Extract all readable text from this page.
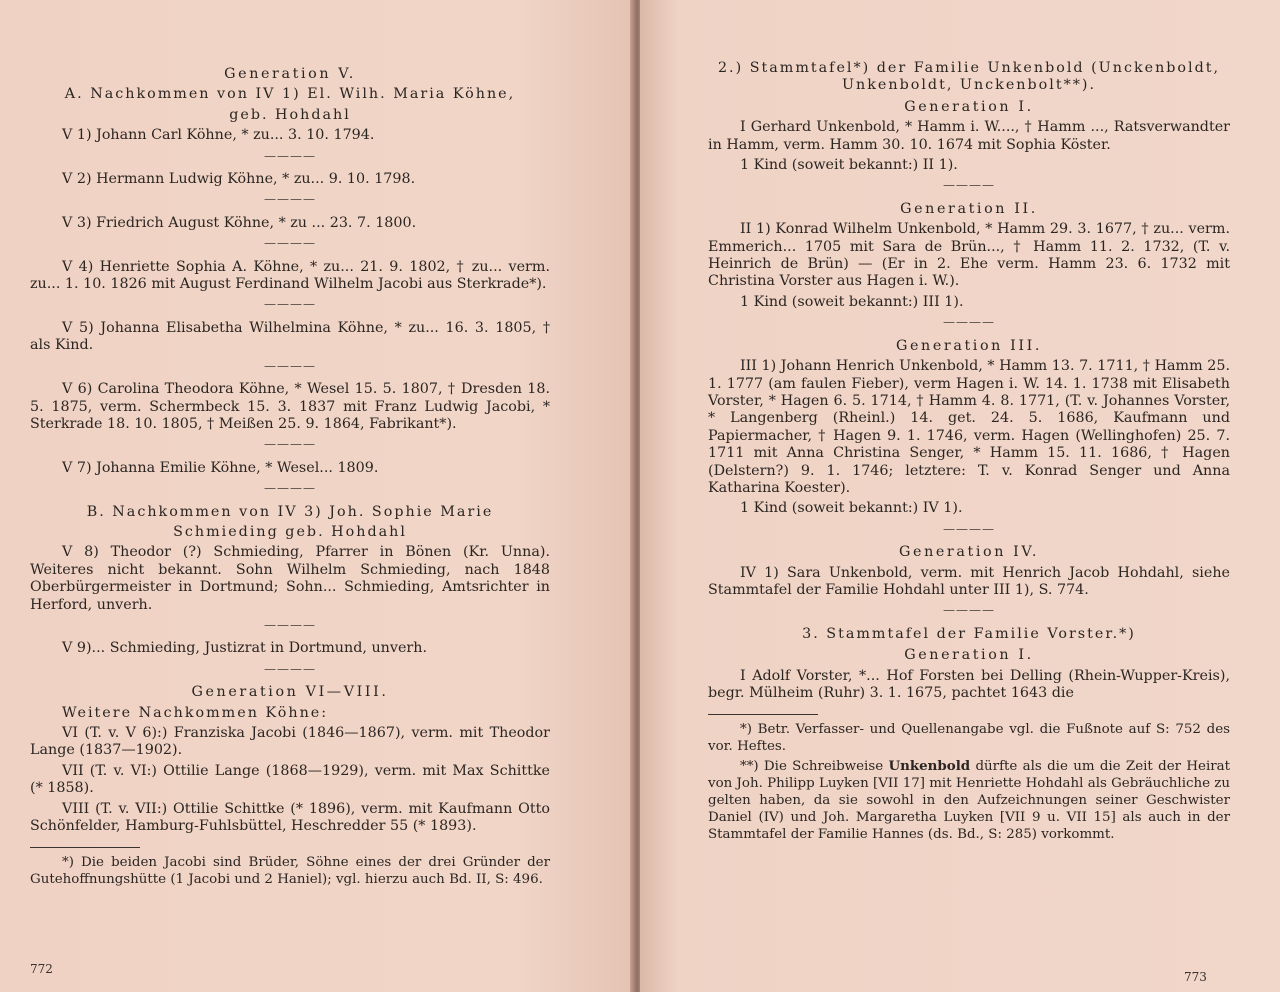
Generation V.
A. Nachkommen von IV 1) El. Wilh. Maria Köhne,
geb. Hohdahl
V 1) Johann Carl Köhne, * zu... 3. 10. 1794.
————
V 2) Hermann Ludwig Köhne, * zu... 9. 10. 1798.
————
V 3) Friedrich August Köhne, * zu ... 23. 7. 1800.
————
V 4) Henriette Sophia A. Köhne, * zu... 21. 9. 1802, † zu... verm. zu... 1. 10. 1826 mit August Ferdinand Wilhelm Jacobi aus Sterkrade*).
————
V 5) Johanna Elisabetha Wilhelmina Köhne, * zu... 16. 3. 1805, † als Kind.
————
V 6) Carolina Theodora Köhne, * Wesel 15. 5. 1807, † Dresden 18. 5. 1875, verm. Schermbeck 15. 3. 1837 mit Franz Ludwig Jacobi, * Sterkrade 18. 10. 1805, † Meißen 25. 9. 1864, Fabrikant*).
————
V 7) Johanna Emilie Köhne, * Wesel... 1809.
————
B. Nachkommen von IV 3) Joh. Sophie Marie
Schmieding geb. Hohdahl
V 8) Theodor (?) Schmieding, Pfarrer in Bönen (Kr. Unna). Weiteres nicht bekannt. Sohn Wilhelm Schmieding, nach 1848 Oberbürgermeister in Dortmund; Sohn... Schmieding, Amtsrichter in Herford, unverh.
————
V 9)... Schmieding, Justizrat in Dortmund, unverh.
————
Generation VI—VIII.
Weitere Nachkommen Köhne:
VI (T. v. V 6):) Franziska Jacobi (1846—1867), verm. mit Theodor Lange (1837—1902).
VII (T. v. VI:) Ottilie Lange (1868—1929), verm. mit Max Schittke (* 1858).
VIII (T. v. VII:) Ottilie Schittke (* 1896), verm. mit Kaufmann Otto Schönfelder, Hamburg-Fuhlsbüttel, Heschredder 55 (* 1893).
*) Die beiden Jacobi sind Brüder, Söhne eines der drei Gründer der Gutehoffnungshütte (1 Jacobi und 2 Haniel); vgl. hierzu auch Bd. II, S: 496.
772
2.) Stammtafel*) der Familie Unkenbold (Unckenboldt, Unkenboldt, Unckenbolt**).
Generation I.
I Gerhard Unkenbold, * Hamm i. W...., † Hamm ..., Ratsverwandter in Hamm, verm. Hamm 30. 10. 1674 mit Sophia Köster.
1 Kind (soweit bekannt:) II 1).
————
Generation II.
II 1) Konrad Wilhelm Unkenbold, * Hamm 29. 3. 1677, † zu... verm. Emmerich... 1705 mit Sara de Brün..., † Hamm 11. 2. 1732, (T. v. Heinrich de Brün) — (Er in 2. Ehe verm. Hamm 23. 6. 1732 mit Christina Vorster aus Hagen i. W.).
1 Kind (soweit bekannt:) III 1).
————
Generation III.
III 1) Johann Henrich Unkenbold, * Hamm 13. 7. 1711, † Hamm 25. 1. 1777 (am faulen Fieber), verm Hagen i. W. 14. 1. 1738 mit Elisabeth Vorster, * Hagen 6. 5. 1714, † Hamm 4. 8. 1771, (T. v. Johannes Vorster, * Langenberg (Rheinl.) 14. get. 24. 5. 1686, Kaufmann und Papiermacher, † Hagen 9. 1. 1746, verm. Hagen (Wellinghofen) 25. 7. 1711 mit Anna Christina Senger, * Hamm 15. 11. 1686, † Hagen (Delstern?) 9. 1. 1746; letztere: T. v. Konrad Senger und Anna Katharina Koester).
1 Kind (soweit bekannt:) IV 1).
————
Generation IV.
IV 1) Sara Unkenbold, verm. mit Henrich Jacob Hohdahl, siehe Stammtafel der Familie Hohdahl unter III 1), S. 774.
————
3. Stammtafel der Familie Vorster.*)
Generation I.
I Adolf Vorster, *... Hof Forsten bei Delling (Rhein-Wupper-Kreis), begr. Mülheim (Ruhr) 3. 1. 1675, pachtet 1643 die
*) Betr. Verfasser- und Quellenangabe vgl. die Fußnote auf S: 752 des vor. Heftes.
**) Die Schreibweise Unkenbold dürfte als die um die Zeit der Heirat von Joh. Philipp Luyken [VII 17] mit Henriette Hohdahl als Gebräuchliche zu gelten haben, da sie sowohl in den Aufzeichnungen seiner Geschwister Daniel (IV) und Joh. Margaretha Luyken [VII 9 u. VII 15] als auch in der Stammtafel der Familie Hannes (ds. Bd., S: 285) vorkommt.
773
